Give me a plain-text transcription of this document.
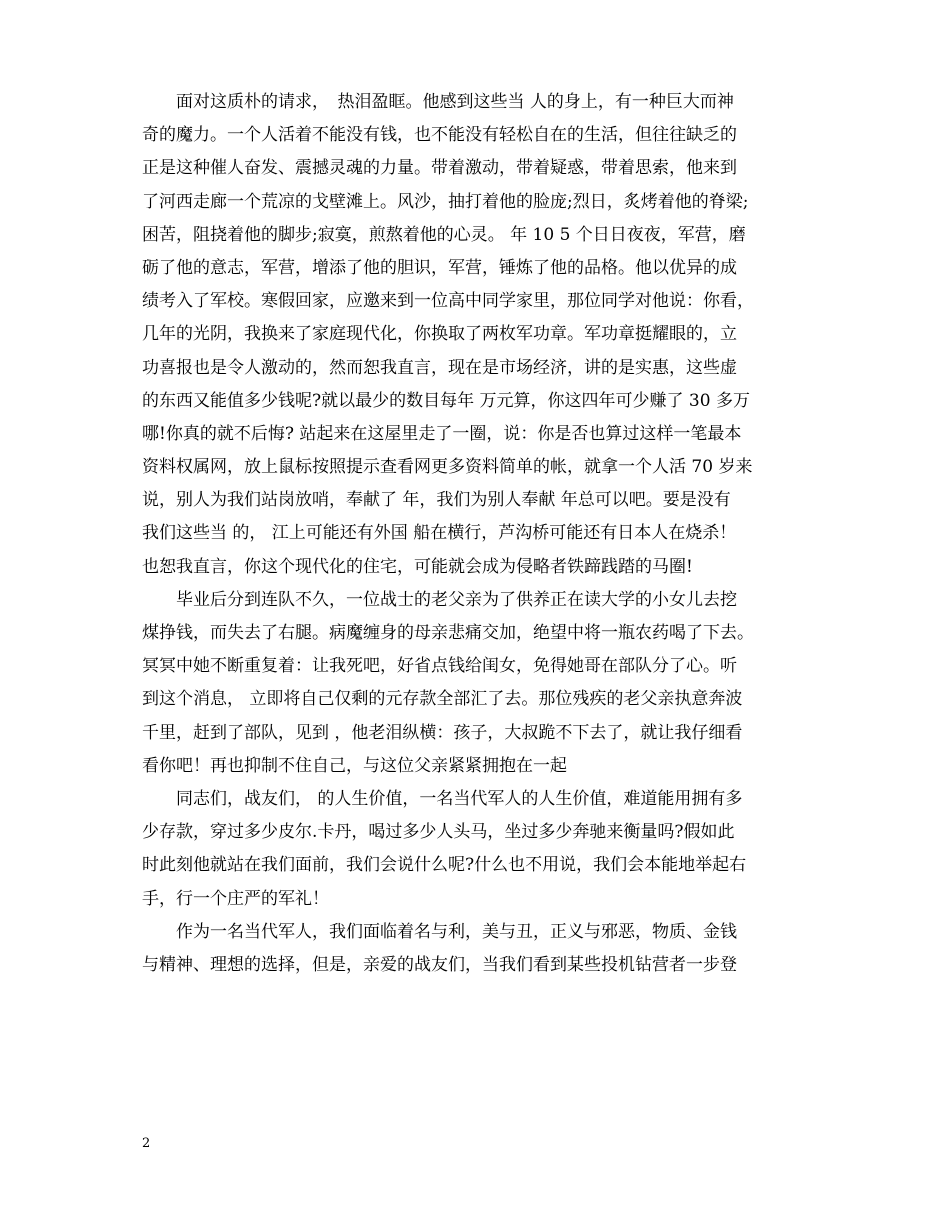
　　面对这质朴的请求，　热泪盈眶。他感到这些当 人的身上，有一种巨大而神
奇的魔力。一个人活着不能没有钱，也不能没有轻松自在的生活，但往往缺乏的
正是这种催人奋发、震撼灵魂的力量。带着激动，带着疑惑，带着思索，他来到
了河西走廊一个荒凉的戈壁滩上。风沙，抽打着他的脸庞;烈日，炙烤着他的脊梁;
困苦，阻挠着他的脚步;寂寞，煎熬着他的心灵。 年 10 5 个日日夜夜，军营，磨
砺了他的意志，军营，增添了他的胆识，军营，锤炼了他的品格。他以优异的成
绩考入了军校。寒假回家，应邀来到一位高中同学家里，那位同学对他说：你看，
几年的光阴，我换来了家庭现代化，你换取了两枚军功章。军功章挺耀眼的，立
功喜报也是令人激动的，然而恕我直言，现在是市场经济，讲的是实惠，这些虚
的东西又能值多少钱呢?就以最少的数目每年 万元算，你这四年可少赚了 30 多万
哪!你真的就不后悔? 站起来在这屋里走了一圈，说：你是否也算过这样一笔最本
资料权属网，放上鼠标按照提示查看网更多资料简单的帐，就拿一个人活 70 岁来
说，别人为我们站岗放哨，奉献了 年，我们为别人奉献 年总可以吧。要是没有
我们这些当 的， 江上可能还有外国 船在横行，芦沟桥可能还有日本人在烧杀！
也恕我直言，你这个现代化的住宅，可能就会成为侵略者铁蹄践踏的马圈!
　　毕业后分到连队不久，一位战士的老父亲为了供养正在读大学的小女儿去挖
煤挣钱，而失去了右腿。病魔缠身的母亲悲痛交加，绝望中将一瓶农药喝了下去。
冥冥中她不断重复着：让我死吧，好省点钱给闺女，免得她哥在部队分了心。听
到这个消息， 立即将自己仅剩的元存款全部汇了去。那位残疾的老父亲执意奔波
千里，赶到了部队，见到 ，他老泪纵横：孩子，大叔跪不下去了，就让我仔细看
看你吧！再也抑制不住自己，与这位父亲紧紧拥抱在一起
　　同志们，战友们， 的人生价值，一名当代军人的人生价值，难道能用拥有多
少存款，穿过多少皮尔.卡丹，喝过多少人头马，坐过多少奔驰来衡量吗?假如此
时此刻他就站在我们面前，我们会说什么呢?什么也不用说，我们会本能地举起右
手，行一个庄严的军礼！
　　作为一名当代军人，我们面临着名与利，美与丑，正义与邪恶，物质、金钱
与精神、理想的选择，但是，亲爱的战友们，当我们看到某些投机钻营者一步登
2
